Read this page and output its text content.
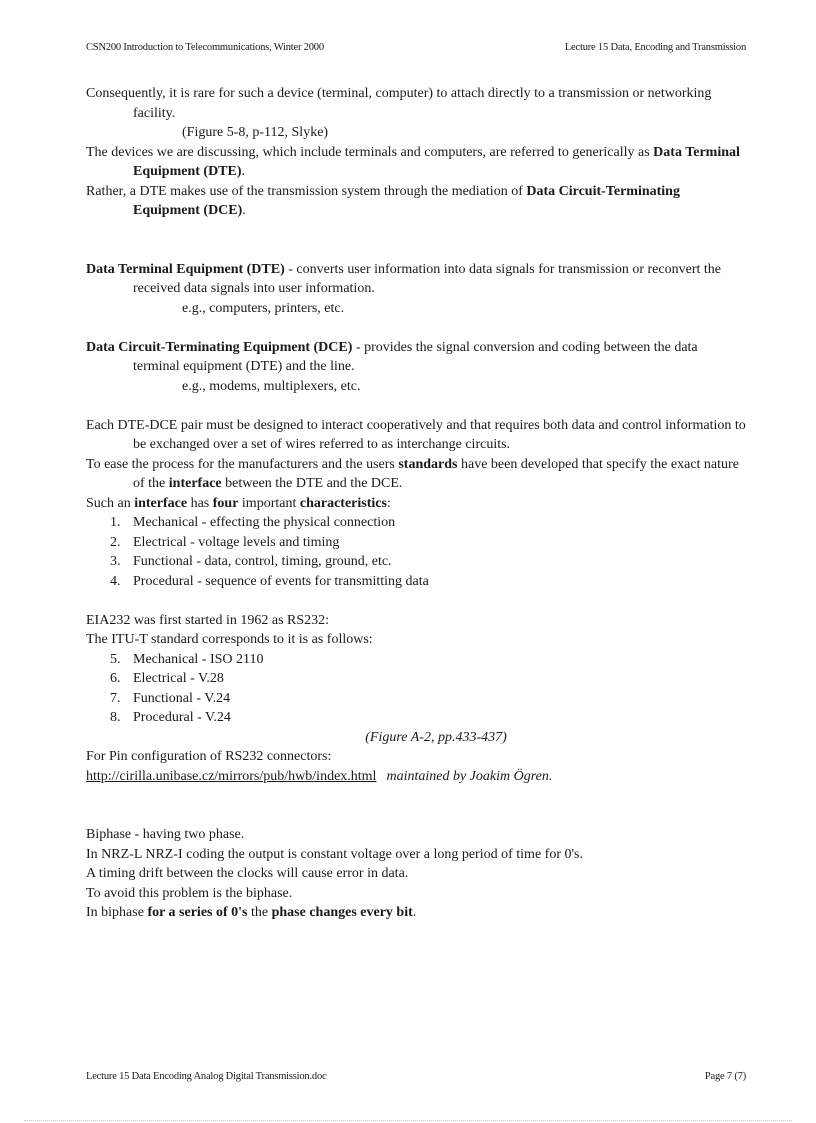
CSN200 Introduction to Telecommunications, Winter 2000	Lecture 15 Data, Encoding and Transmission

Consequently, it is rare for such a device (terminal, computer) to attach directly to a transmission or networking facility.

(Figure 5-8, p-112, Slyke)

The devices we are discussing, which include terminals and computers, are referred to generically as Data Terminal Equipment (DTE).

Rather, a DTE makes use of the transmission system through the mediation of Data Circuit-Terminating Equipment (DCE).

Data Terminal Equipment (DTE) - converts user information into data signals for transmission or reconvert the received data signals into user information.

e.g., computers, printers, etc.

Data Circuit-Terminating Equipment (DCE) - provides the signal conversion and coding between the data terminal equipment (DTE) and the line.

e.g., modems, multiplexers, etc.

Each DTE-DCE pair must be designed to interact cooperatively and that requires both data and control information to be exchanged over a set of wires referred to as interchange circuits.

To ease the process for the manufacturers and the users standards have been developed that specify the exact nature of the interface between the DTE and the DCE.

Such an interface has four important characteristics:

1. Mechanical - effecting the physical connection
2. Electrical - voltage levels and timing
3. Functional - data, control, timing, ground, etc.
4. Procedural - sequence of events for transmitting data

EIA232 was first started in 1962 as RS232:

The ITU-T standard corresponds to it is as follows:

5. Mechanical - ISO 2110
6. Electrical - V.28
7. Functional - V.24
8. Procedural - V.24

(Figure A-2, pp.433-437)

For Pin configuration of RS232 connectors:

http://cirilla.unibase.cz/mirrors/pub/hwb/index.html maintained by Joakim Ögren.

Biphase - having two phase.

In NRZ-L NRZ-I coding the output is constant voltage over a long period of time for 0's.

A timing drift between the clocks will cause error in data.

To avoid this problem is the biphase.

In biphase for a series of 0's the phase changes every bit.

Lecture 15 Data Encoding Analog Digital Transmission.doc	Page 7 (7)
